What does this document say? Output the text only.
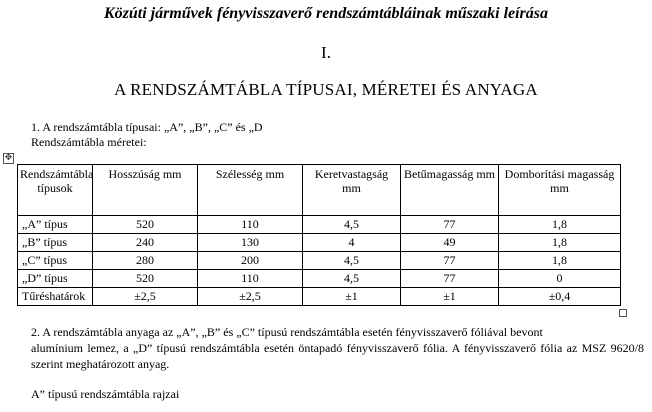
Közúti járművek fényvisszaverő rendszámtábláinak műszaki leírása
I.
A RENDSZÁMTÁBLA TÍPUSAI, MÉRETEI ÉS ANYAGA
1. A rendszámtábla típusai: „A”, „B”, „C” és „D
Rendszámtábla méretei:
✥
Rendszámtábla típusok	Hosszúság mm	Szélesség mm	Keretvastagság mm	Betűmagasság mm	Domborítási magasság mm
„A” típus	520	110	4,5	77	1,8
„B” típus	240	130	4	49	1,8
„C” típus	280	200	4,5	77	1,8
„D” típus	520	110	4,5	77	0
Tűréshatárok	±2,5	±2,5	±1	±1	±0,4
2. A rendszámtábla anyaga az „A”, „B” és „C” típusú rendszámtábla esetén fényvisszaverő fóliával bevont
alumínium lemez, a „D” típusú rendszámtábla esetén öntapadó fényvisszaverő fólia. A fényvisszaverő fólia az MSZ 9620/8 szerint meghatározott anyag.
A” típusú rendszámtábla rajzai
